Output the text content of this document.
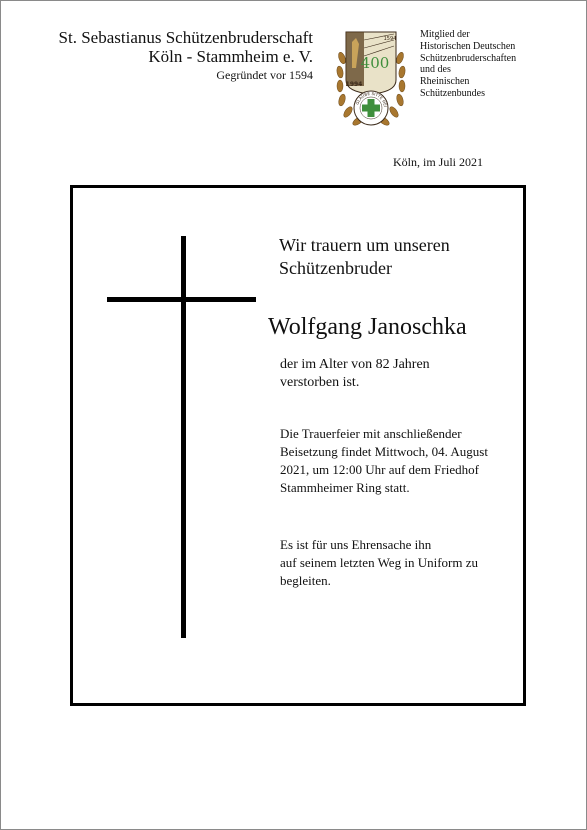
St. Sebastianus Schützenbruderschaft
Köln - Stammheim e. V.
Gegründet vor 1594
400
1594
1994
GLAUBE SITTE HEI
Mitglied der
Historischen Deutschen
Schützenbruderschaften
und des
Rheinischen
Schützenbundes
Köln, im Juli 2021
Wir trauern um unseren
Schützenbruder
Wolfgang Janoschka
der im Alter von 82 Jahren
verstorben ist.
Die Trauerfeier mit anschließender
Beisetzung findet Mittwoch, 04. August
2021, um 12:00 Uhr auf dem Friedhof
Stammheimer Ring statt.
Es ist für uns Ehrensache ihn
auf seinem letzten Weg in Uniform zu
begleiten.
